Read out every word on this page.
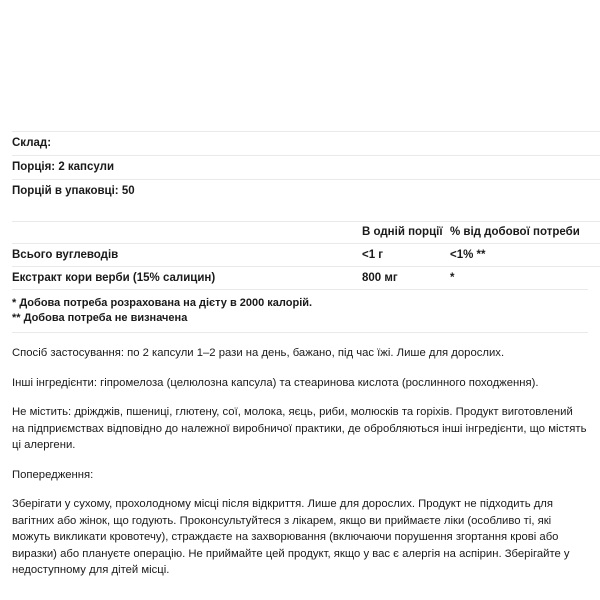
Склад:		
Порція: 2 капсули		
Порцій в упаковці: 50		

	В одній порції	% від добової потреби
Всього вуглеводів	<1 г	<1% **
Екстракт кори верби (15% салицин)	800 мг	*
* Добова потреба розрахована на дієту в 2000 калорій.
** Добова потреба не визначена

Спосіб застосування: по 2 капсули 1–2 рази на день, бажано, під час їжі. Лише для дорослих.

Інші інгредієнти: гіпромелоза (целюлозна капсула) та стеаринова кислота (рослинного походження).

Не містить: дріжджів, пшениці, глютену, сої, молока, яєць, риби, молюсків та горіхів. Продукт виготовлений на підприємствах відповідно до належної виробничої практики, де обробляються інші інгредієнти, що містять ці алергени.

Попередження:

Зберігати у сухому, прохолодному місці після відкриття. Лише для дорослих. Продукт не підходить для вагітних або жінок, що годують. Проконсультуйтеся з лікарем, якщо ви приймаєте ліки (особливо ті, які можуть викликати кровотечу), страждаєте на захворювання (включаючи порушення згортання крові або виразки) або плануєте операцію. Не приймайте цей продукт, якщо у вас є алергія на аспірин. Зберігайте у недоступному для дітей місці.
